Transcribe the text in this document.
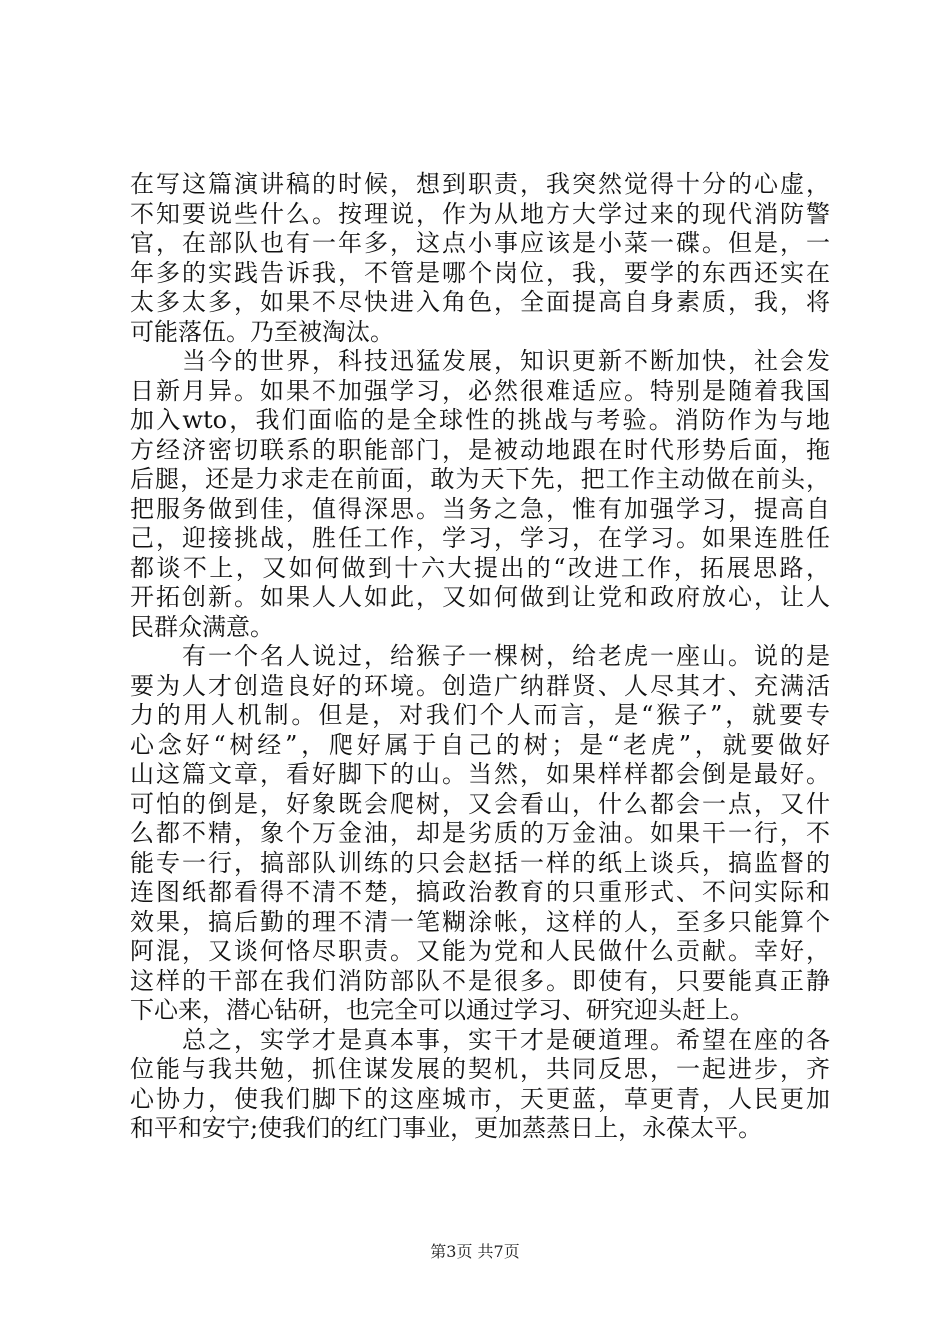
在写这篇演讲稿的时候，想到职责，我突然觉得十分的心虚，
不知要说些什么。按理说，作为从地方大学过来的现代消防警
官，在部队也有一年多，这点小事应该是小菜一碟。但是，一
年多的实践告诉我，不管是哪个岗位，我，要学的东西还实在
太多太多，如果不尽快进入角色，全面提高自身素质，我，将
可能落伍。乃至被淘汰。
　　当今的世界，科技迅猛发展，知识更新不断加快，社会发
日新月异。如果不加强学习，必然很难适应。特别是随着我国
加入wto，我们面临的是全球性的挑战与考验。消防作为与地
方经济密切联系的职能部门，是被动地跟在时代形势后面，拖
后腿，还是力求走在前面，敢为天下先，把工作主动做在前头，
把服务做到佳，值得深思。当务之急，惟有加强学习，提高自
己，迎接挑战，胜任工作，学习，学习，在学习。如果连胜任
都谈不上，又如何做到十六大提出的“改进工作，拓展思路，
开拓创新。如果人人如此，又如何做到让党和政府放心，让人
民群众满意。
　　有一个名人说过，给猴子一棵树，给老虎一座山。说的是
要为人才创造良好的环境。创造广纳群贤、人尽其才、充满活
力的用人机制。但是，对我们个人而言，是“猴子”，就要专
心念好“树经”，爬好属于自己的树；是“老虎”，就要做好
山这篇文章，看好脚下的山。当然，如果样样都会倒是最好。
可怕的倒是，好象既会爬树，又会看山，什么都会一点，又什
么都不精，象个万金油，却是劣质的万金油。如果干一行，不
能专一行，搞部队训练的只会赵括一样的纸上谈兵，搞监督的
连图纸都看得不清不楚，搞政治教育的只重形式、不问实际和
效果，搞后勤的理不清一笔糊涂帐，这样的人，至多只能算个
阿混，又谈何恪尽职责。又能为党和人民做什么贡献。幸好，
这样的干部在我们消防部队不是很多。即使有，只要能真正静
下心来，潜心钻研，也完全可以通过学习、研究迎头赶上。
　　总之，实学才是真本事，实干才是硬道理。希望在座的各
位能与我共勉，抓住谋发展的契机，共同反思，一起进步，齐
心协力，使我们脚下的这座城市，天更蓝，草更青，人民更加
和平和安宁;使我们的红门事业，更加蒸蒸日上，永葆太平。
第3页 共7页
